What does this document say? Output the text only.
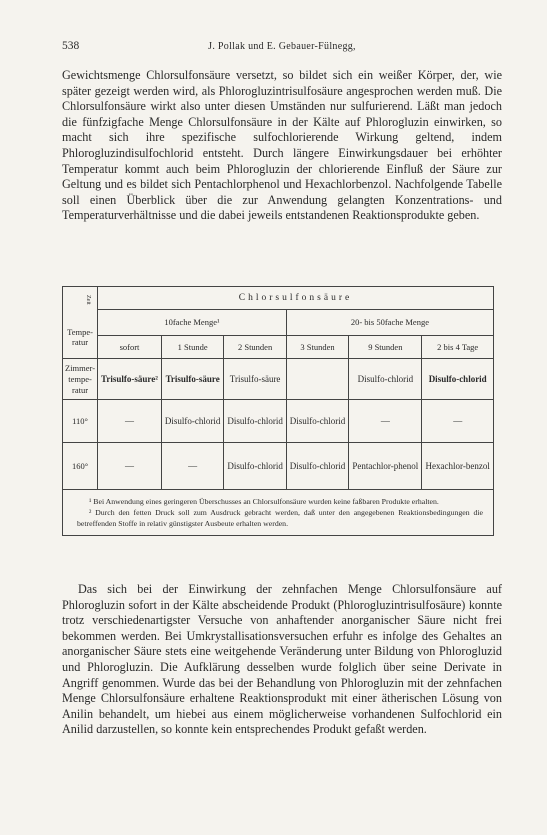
538	J. Pollak und E. Gebauer-Fülnegg,
Gewichtsmenge Chlorsulfonsäure versetzt, so bildet sich ein weißer Körper, der, wie später gezeigt werden wird, als Phlorogluzintrisulfosäure angesprochen werden muß. Die Chlorsulfonsäure wirkt also unter diesen Umständen nur sulfurierend. Läßt man jedoch die fünfzigfache Menge Chlorsulfonsäure in der Kälte auf Phlorogluzin einwirken, so macht sich ihre spezifische sulfochlorierende Wirkung geltend, indem Phlorogluzindisulfochlorid entsteht. Durch längere Einwirkungsdauer bei erhöhter Temperatur kommt auch beim Phlorogluzin der chlorierende Einfluß der Säure zur Geltung und es bildet sich Pentachlorphenol und Hexachlorbenzol. Nachfolgende Tabelle soll einen Überblick über die zur Anwendung gelangten Konzentrations- und Temperaturverhältnisse und die dabei jeweils entstandenen Reaktionsprodukte geben.
Zeit
Tempe-ratur	Chlorsulfonsäure					
	10fache Menge¹			20- bis 50fache Menge		
	sofort	1 Stunde	2 Stunden	3 Stunden	9 Stunden	2 bis 4 Tage
Zimmer-tempe-ratur	Trisulfo-säure²	Trisulfo-säure	Trisulfo-säure		Disulfo-chlorid	Disulfo-chlorid
110°	—	Disulfo-chlorid	Disulfo-chlorid	Disulfo-chlorid	—	—
160°	—	—	Disulfo-chlorid	Disulfo-chlorid	Pentachlor-phenol	Hexachlor-benzol

¹ Bei Anwendung eines geringeren Überschusses an Chlorsulfonsäure wurden keine faßbaren Produkte erhalten.

² Durch den fetten Druck soll zum Ausdruck gebracht werden, daß unter den angegebenen Reaktionsbedingungen die betreffenden Stoffe in relativ günstigster Ausbeute erhalten werden.

Das sich bei der Einwirkung der zehnfachen Menge Chlorsulfonsäure auf Phlorogluzin sofort in der Kälte abscheidende Produkt (Phlorogluzintrisulfosäure) konnte trotz verschiedenartigster Versuche von anhaftender anorganischer Säure nicht frei bekommen werden. Bei Umkrystallisationsversuchen erfuhr es infolge des Gehaltes an anorganischer Säure stets eine weitgehende Veränderung unter Bildung von Phlorogluzid und Phlorogluzin. Die Aufklärung desselben wurde folglich über seine Derivate in Angriff genommen. Wurde das bei der Behandlung von Phlorogluzin mit der zehnfachen Menge Chlorsulfonsäure erhaltene Reaktionsprodukt mit einer ätherischen Lösung von Anilin behandelt, um hiebei aus einem möglicherweise vorhandenen Sulfochlorid ein Anilid darzustellen, so konnte kein entsprechendes Produkt gefaßt werden.
